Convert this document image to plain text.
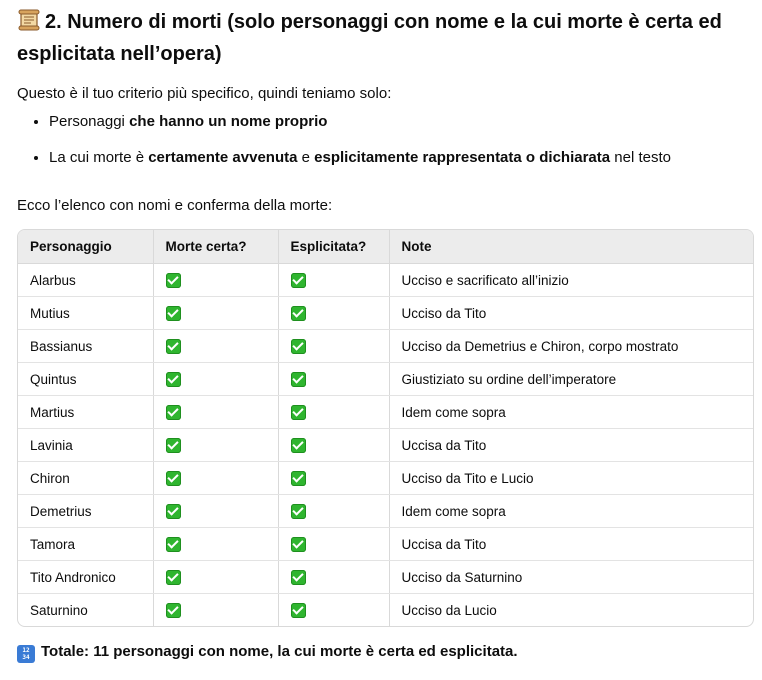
2. Numero di morti (solo personaggi con nome e la cui morte è certa ed esplicitata nell’opera)

Questo è il tuo criterio più specifico, quindi teniamo solo:

• Personaggi che hanno un nome proprio
• La cui morte è certamente avvenuta e esplicitamente rappresentata o dichiarata nel testo

Ecco l’elenco con nomi e conferma della morte:

Personaggio	Morte certa?	Esplicitata?	Note
Alarbus			Ucciso e sacrificato all’inizio
Mutius			Ucciso da Tito
Bassianus			Ucciso da Demetrius e Chiron, corpo mostrato
Quintus			Giustiziato su ordine dell’imperatore
Martius			Idem come sopra
Lavinia			Uccisa da Tito
Chiron			Ucciso da Tito e Lucio
Demetrius			Idem come sopra
Tamora			Uccisa da Tito
Tito Andronico			Ucciso da Saturnino
Saturnino			Ucciso da Lucio
12
34 Totale: 11 personaggi con nome, la cui morte è certa ed esplicitata.
